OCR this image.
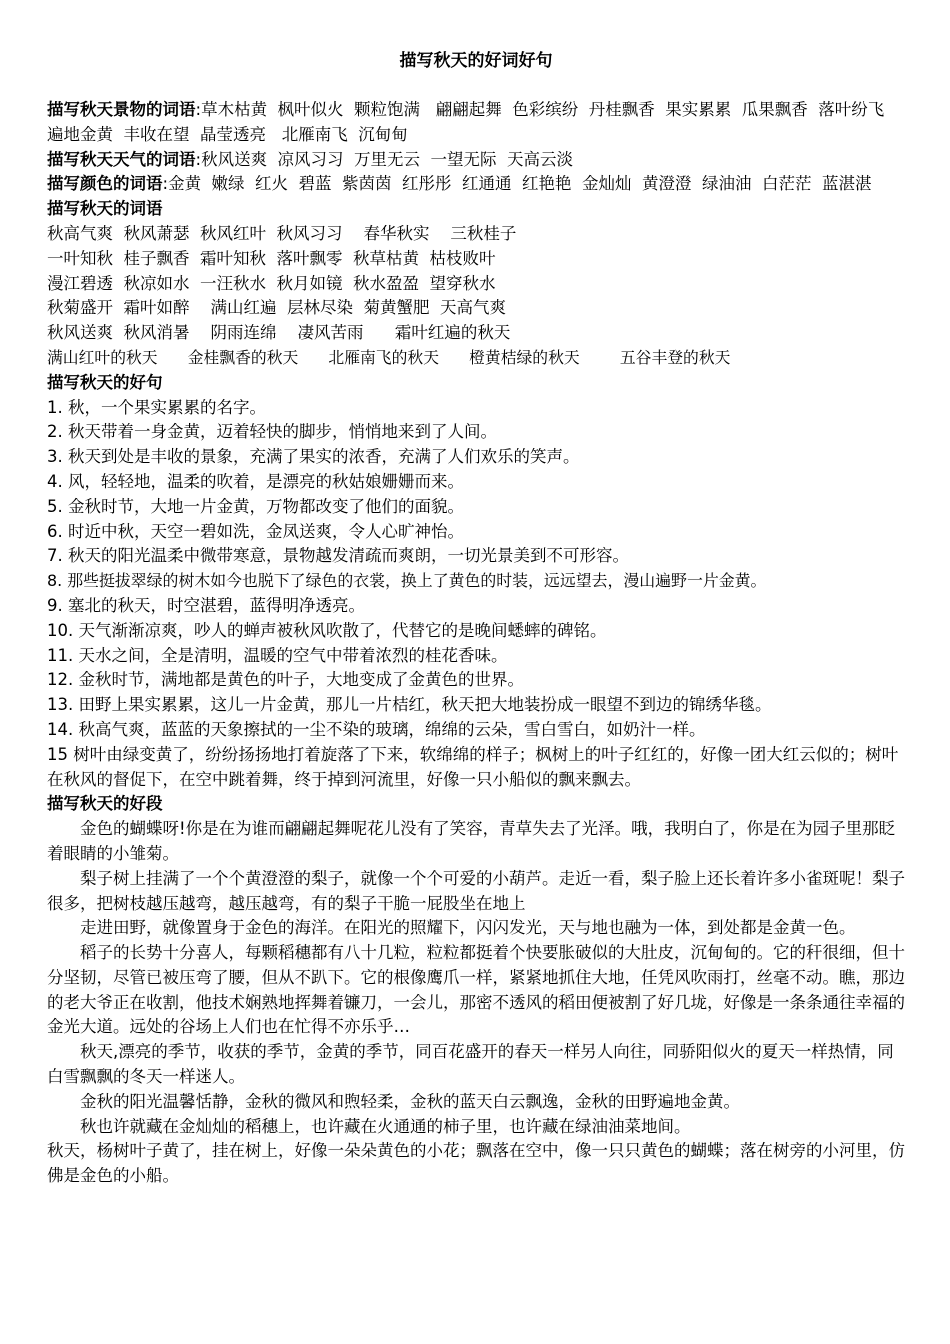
描写秋天的好词好句
描写秋天景物的词语:草木枯黄  枫叶似火  颗粒饱满   翩翩起舞  色彩缤纷  丹桂飘香  果实累累  瓜果飘香  落叶纷飞  遍地金黄  丰收在望  晶莹透亮   北雁南飞  沉甸甸
描写秋天天气的词语:秋风送爽  凉风习习  万里无云  一望无际  天高云淡
描写颜色的词语:金黄  嫩绿  红火  碧蓝  紫茵茵  红彤彤  红通通  红艳艳  金灿灿  黄澄澄  绿油油  白茫茫  蓝湛湛
描写秋天的词语
秋高气爽  秋风萧瑟  秋风红叶  秋风习习    春华秋实    三秋桂子
一叶知秋  桂子飘香  霜叶知秋  落叶飘零  秋草枯黄  枯枝败叶
漫江碧透  秋凉如水  一汪秋水  秋月如镜  秋水盈盈  望穿秋水
秋菊盛开  霜叶如醉    满山红遍  层林尽染  菊黄蟹肥  天高气爽
秋风送爽  秋风消暑    阴雨连绵    凄风苦雨      霜叶红遍的秋天
满山红叶的秋天      金桂飘香的秋天      北雁南飞的秋天      橙黄桔绿的秋天        五谷丰登的秋天
描写秋天的好句
1. 秋，一个果实累累的名字。
2. 秋天带着一身金黄，迈着轻快的脚步，悄悄地来到了人间。
3. 秋天到处是丰收的景象，充满了果实的浓香，充满了人们欢乐的笑声。
4. 风，轻轻地，温柔的吹着，是漂亮的秋姑娘姗姗而来。
5. 金秋时节，大地一片金黄，万物都改变了他们的面貌。
6. 时近中秋，天空一碧如洗，金凤送爽，令人心旷神怡。
7. 秋天的阳光温柔中微带寒意，景物越发清疏而爽朗，一切光景美到不可形容。
8. 那些挺拔翠绿的树木如今也脱下了绿色的衣裳，换上了黄色的时装，远远望去，漫山遍野一片金黄。
9. 塞北的秋天，时空湛碧，蓝得明净透亮。
10. 天气渐渐凉爽，吵人的蝉声被秋风吹散了，代替它的是晚间蟋蟀的碑铭。
11. 天水之间，全是清明，温暖的空气中带着浓烈的桂花香味。
12. 金秋时节，满地都是黄色的叶子，大地变成了金黄色的世界。
13. 田野上果实累累，这儿一片金黄，那儿一片桔红，秋天把大地装扮成一眼望不到边的锦绣华毯。
14. 秋高气爽，蓝蓝的天象擦拭的一尘不染的玻璃，绵绵的云朵，雪白雪白，如奶汁一样。
15 树叶由绿变黄了，纷纷扬扬地打着旋落了下来，软绵绵的样子；枫树上的叶子红红的，好像一团大红云似的；树叶在秋风的督促下，在空中跳着舞，终于掉到河流里，好像一只小船似的飘来飘去。
描写秋天的好段
金色的蝴蝶呀!你是在为谁而翩翩起舞呢花儿没有了笑容，青草失去了光泽。哦，我明白了，你是在为园子里那眨着眼睛的小雏菊。
梨子树上挂满了一个个黄澄澄的梨子，就像一个个可爱的小葫芦。走近一看，梨子脸上还长着许多小雀斑呢！梨子很多，把树枝越压越弯，越压越弯，有的梨子干脆一屁股坐在地上
走进田野，就像置身于金色的海洋。在阳光的照耀下，闪闪发光，天与地也融为一体，到处都是金黄一色。
稻子的长势十分喜人，每颗稻穗都有八十几粒，粒粒都挺着个快要胀破似的大肚皮，沉甸甸的。它的秆很细，但十分坚韧，尽管已被压弯了腰，但从不趴下。它的根像鹰爪一样，紧紧地抓住大地，任凭风吹雨打，丝毫不动。瞧，那边的老大爷正在收割，他技术娴熟地挥舞着镰刀，一会儿，那密不透风的稻田便被割了好几垅，好像是一条条通往幸福的金光大道。远处的谷场上人们也在忙得不亦乐乎…
秋天,漂亮的季节，收获的季节，金黄的季节，同百花盛开的春天一样另人向往，同骄阳似火的夏天一样热情，同白雪飘飘的冬天一样迷人。
金秋的阳光温馨恬静，金秋的微风和煦轻柔，金秋的蓝天白云飘逸，金秋的田野遍地金黄。
秋也许就藏在金灿灿的稻穗上，也许藏在火通通的柿子里，也许藏在绿油油菜地间。
秋天，杨树叶子黄了，挂在树上，好像一朵朵黄色的小花；飘落在空中，像一只只黄色的蝴蝶；落在树旁的小河里，仿佛是金色的小船。
